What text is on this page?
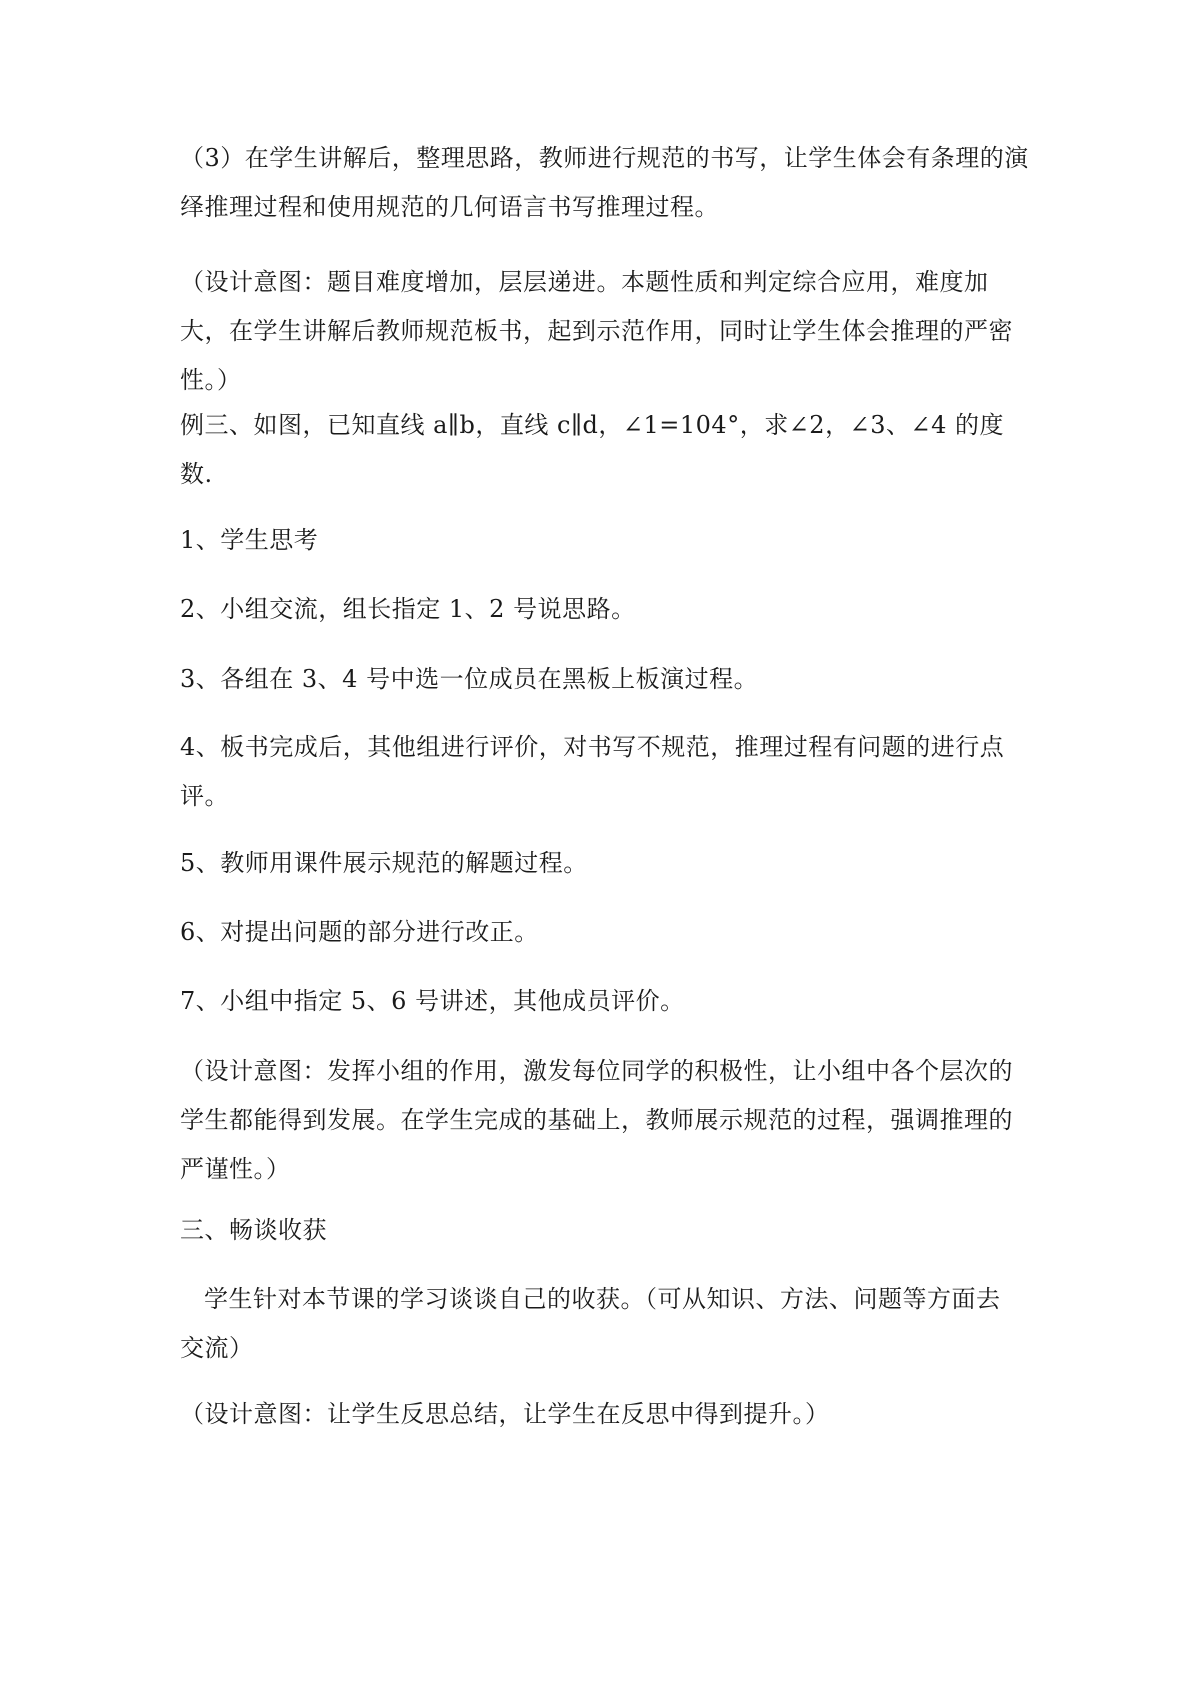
（3）在学生讲解后，整理思路，教师进行规范的书写，让学生体会有条理的演
绎推理过程和使用规范的几何语言书写推理过程。
（设计意图：题目难度增加，层层递进。本题性质和判定综合应用，难度加
大，在学生讲解后教师规范板书，起到示范作用，同时让学生体会推理的严密
性。）
例三、如图，已知直线 a∥b，直线 c∥d，∠1=104°，求∠2，∠3、∠4 的度
数.
1、学生思考
2、小组交流，组长指定 1、2 号说思路。
3、各组在 3、4 号中选一位成员在黑板上板演过程。
4、板书完成后，其他组进行评价，对书写不规范，推理过程有问题的进行点
评。
5、教师用课件展示规范的解题过程。
6、对提出问题的部分进行改正。
7、小组中指定 5、6 号讲述，其他成员评价。
（设计意图：发挥小组的作用，激发每位同学的积极性，让小组中各个层次的
学生都能得到发展。在学生完成的基础上，教师展示规范的过程，强调推理的
严谨性。）
三、畅谈收获
学生针对本节课的学习谈谈自己的收获。（可从知识、方法、问题等方面去
交流）
（设计意图：让学生反思总结，让学生在反思中得到提升。）
